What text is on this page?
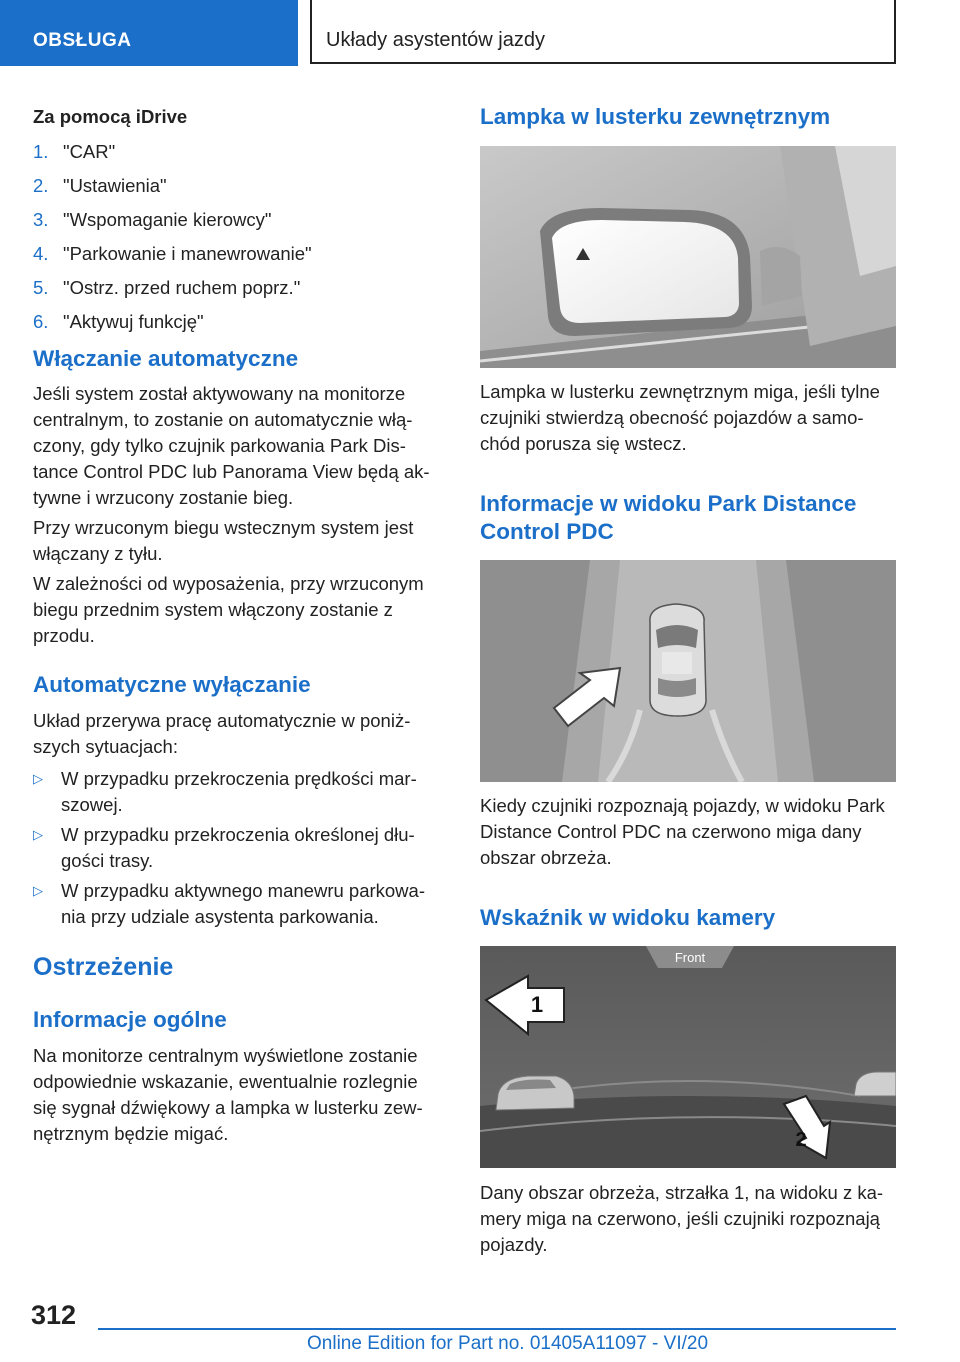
OBSŁUGA	Układy asystentów jazdy
Za pomocą iDrive
1. "CAR"
2. "Ustawienia"
3. "Wspomaganie kierowcy"
4. "Parkowanie i manewrowanie"
5. "Ostrz. przed ruchem poprz."
6. "Aktywuj funkcję"
Włączanie automatyczne
Jeśli system został aktywowany na monitorze
centralnym, to zostanie on automatycznie włą‐
czony, gdy tylko czujnik parkowania Park Dis‐
tance Control PDC lub Panorama View będą ak‐
tywne i wrzucony zostanie bieg.
Przy wrzuconym biegu wstecznym system jest
włączany z tyłu.
W zależności od wyposażenia, przy wrzuconym
biegu przednim system włączony zostanie z
przodu.
Automatyczne wyłączanie
Układ przerywa pracę automatycznie w poniż‐
szych sytuacjach:
▷ W przypadku przekroczenia prędkości mar‐
szowej.
▷ W przypadku przekroczenia określonej dłu‐
gości trasy.
▷ W przypadku aktywnego manewru parkowa‐
nia przy udziale asystenta parkowania.
Ostrzeżenie
Informacje ogólne
Na monitorze centralnym wyświetlone zostanie
odpowiednie wskazanie, ewentualnie rozlegnie
się sygnał dźwiękowy a lampka w lusterku zew‐
nętrznym będzie migać.
Lampka w lusterku zewnętrznym
Lampka w lusterku zewnętrznym miga, jeśli tylne
czujniki stwierdzą obecność pojazdów a samo‐
chód porusza się wstecz.
Informacje w widoku Park Distance
Control PDC
Kiedy czujniki rozpoznają pojazdy, w widoku Park
Distance Control PDC na czerwono miga dany
obszar obrzeża.
Wskaźnik w widoku kamery
Front
1
2
Dany obszar obrzeża, strzałka 1, na widoku z ka‐
mery miga na czerwono, jeśli czujniki rozpoznają
pojazdy.
312
Online Edition for Part no. 01405A11097 - VI/20
